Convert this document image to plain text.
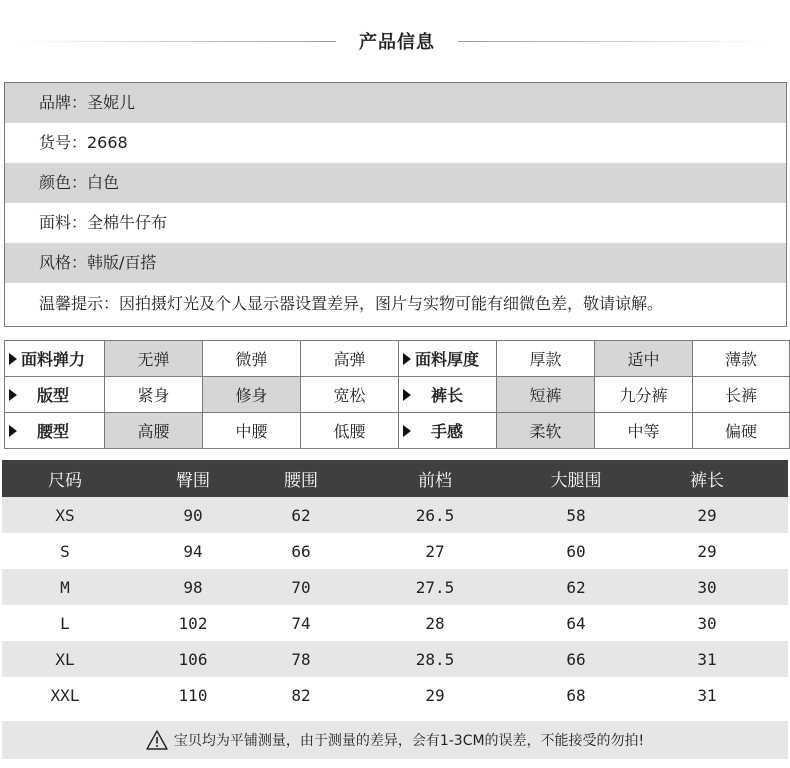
产品信息
品牌：圣妮儿
货号：2668
颜色：白色
面料：全棉牛仔布
风格：韩版/百搭
温馨提示：因拍摄灯光及个人显示器设置差异，图片与实物可能有细微色差，敬请谅解。
面料弹力	无弹	微弹	高弹	面料厚度	厚款	适中	薄款
版型	紧身	修身	宽松	裤长	短裤	九分裤	长裤
腰型	高腰	中腰	低腰	手感	柔软	中等	偏硬
尺码	臀围	腰围	前档	大腿围	裤长
XS	90	62	26.5	58	29
S	94	66	27	60	29
M	98	70	27.5	62	30
L	102	74	28	64	30
XL	106	78	28.5	66	31
XXL	110	82	29	68	31
宝贝均为平铺测量，由于测量的差异，会有1-3CM的误差，不能接受的勿拍!
